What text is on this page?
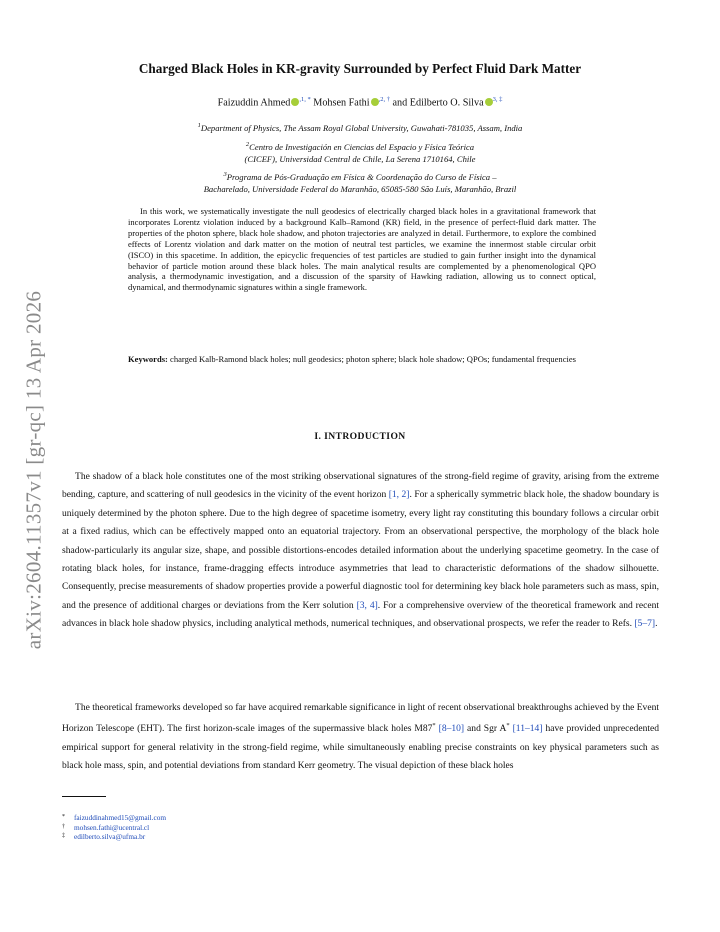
arXiv:2604.11357v1 [gr-qc] 13 Apr 2026
Charged Black Holes in KR-gravity Surrounded by Perfect Fluid Dark Matter
Faizuddin Ahmed $^{,1, *}$ Mohsen Fathi $^{,2, \dagger}$ and Edilberto O. Silva $^{3, \ddagger}$
$^1$Department of Physics, The Assam Royal Global University, Guwahati-781035, Assam, India
$^2$Centro de Investigación en Ciencias del Espacio y Física Teórica
(CICEF), Universidad Central de Chile, La Serena 1710164, Chile
$^3$Programa de Pós-Graduação em Física & Coordenação do Curso de Física –
Bacharelado, Universidade Federal do Maranhão, 65085-580 São Luís, Maranhão, Brazil

In this work, we systematically investigate the null geodesics of electrically charged black holes in a gravitational framework that incorporates Lorentz violation induced by a background Kalb–Ramond (KR) field, in the presence of perfect-fluid dark matter. The properties of the photon sphere, black hole shadow, and photon trajectories are analyzed in detail. Furthermore, to explore the combined effects of Lorentz violation and dark matter on the motion of neutral test particles, we examine the innermost stable circular orbit (ISCO) in this spacetime. In addition, the epicyclic frequencies of test particles are studied to gain further insight into the dynamical behavior of particle motion around these black holes. The main analytical results are complemented by a phenomenological QPO analysis, a thermodynamic investigation, and a discussion of the sparsity of Hawking radiation, allowing us to connect optical, dynamical, and thermodynamic signatures within a single framework.

Keywords: charged Kalb-Ramond black holes; null geodesics; photon sphere; black hole shadow; QPOs; fundamental frequencies
I. INTRODUCTION

The shadow of a black hole constitutes one of the most striking observational signatures of the strong-field regime of gravity, arising from the extreme bending, capture, and scattering of null geodesics in the vicinity of the event horizon [1, 2]. For a spherically symmetric black hole, the shadow boundary is uniquely determined by the photon sphere. Due to the high degree of spacetime isometry, every light ray constituting this boundary follows a circular orbit at a fixed radius, which can be effectively mapped onto an equatorial trajectory. From an observational perspective, the morphology of the black hole shadow-particularly its angular size, shape, and possible distortions-encodes detailed information about the underlying spacetime geometry. In the case of rotating black holes, for instance, frame-dragging effects introduce asymmetries that lead to characteristic deformations of the shadow silhouette. Consequently, precise measurements of shadow properties provide a powerful diagnostic tool for determining key black hole parameters such as mass, spin, and the presence of additional charges or deviations from the Kerr solution [3, 4]. For a comprehensive overview of the theoretical framework and recent advances in black hole shadow physics, including analytical methods, numerical techniques, and observational prospects, we refer the reader to Refs. [5–7].

The theoretical frameworks developed so far have acquired remarkable significance in light of recent observational breakthroughs achieved by the Event Horizon Telescope (EHT). The first horizon-scale images of the supermassive black holes M87* [8–10] and Sgr A* [11–14] have provided unprecedented empirical support for general relativity in the strong-field regime, while simultaneously enabling precise constraints on key physical parameters such as black hole mass, spin, and potential deviations from standard Kerr geometry. The visual depiction of these black holes

* faizuddinahmed15@gmail.com
† mohsen.fathi@ucentral.cl
‡ edilberto.silva@ufma.br
